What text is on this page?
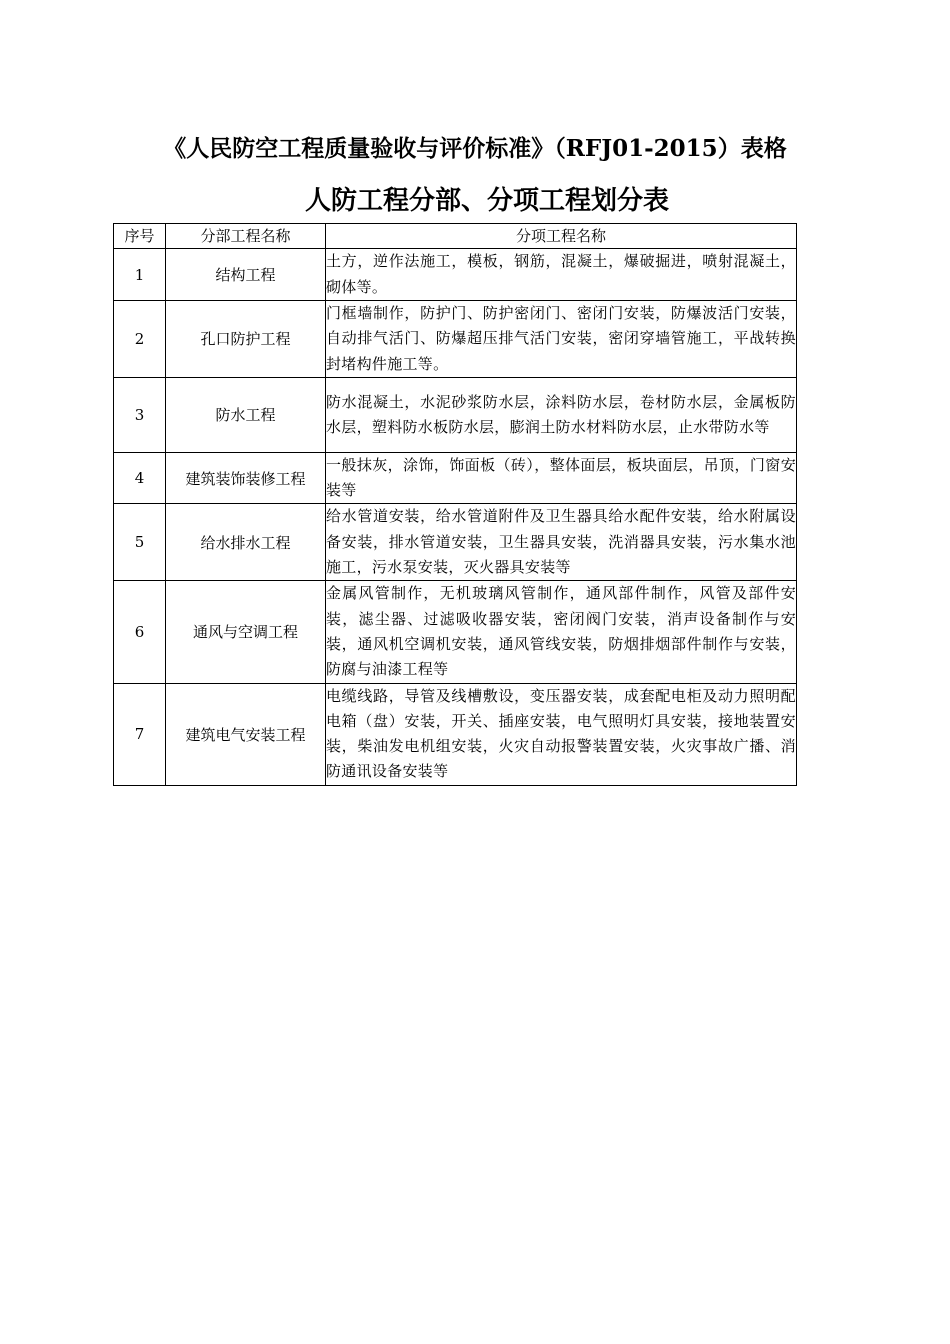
《人民防空工程质量验收与评价标准》（RFJ01-2015）表格
人防工程分部、分项工程划分表
序号	分部工程名称	分项工程名称
1	结构工程	土方，逆作法施工，模板，钢筋，混凝土，爆破掘进，喷射混凝土，砌体等。
2	孔口防护工程	门框墙制作，防护门、防护密闭门、密闭门安装，防爆波活门安装，自动排气活门、防爆超压排气活门安装，密闭穿墙管施工，平战转换封堵构件施工等。
3	防水工程	防水混凝土，水泥砂浆防水层，涂料防水层，卷材防水层，金属板防水层，塑料防水板防水层，膨润土防水材料防水层，止水带防水等
4	建筑装饰装修工程	一般抹灰，涂饰，饰面板（砖），整体面层，板块面层，吊顶，门窗安装等
5	给水排水工程	给水管道安装，给水管道附件及卫生器具给水配件安装，给水附属设备安装，排水管道安装，卫生器具安装，洗消器具安装，污水集水池施工，污水泵安装，灭火器具安装等
6	通风与空调工程	金属风管制作，无机玻璃风管制作，通风部件制作，风管及部件安装，滤尘器、过滤吸收器安装，密闭阀门安装，消声设备制作与安装，通风机空调机安装，通风管线安装，防烟排烟部件制作与安装，防腐与油漆工程等
7	建筑电气安装工程	电缆线路，导管及线槽敷设，变压器安装，成套配电柜及动力照明配电箱（盘）安装，开关、插座安装，电气照明灯具安装，接地装置安装，柴油发电机组安装，火灾自动报警装置安装，火灾事故广播、消防通讯设备安装等
